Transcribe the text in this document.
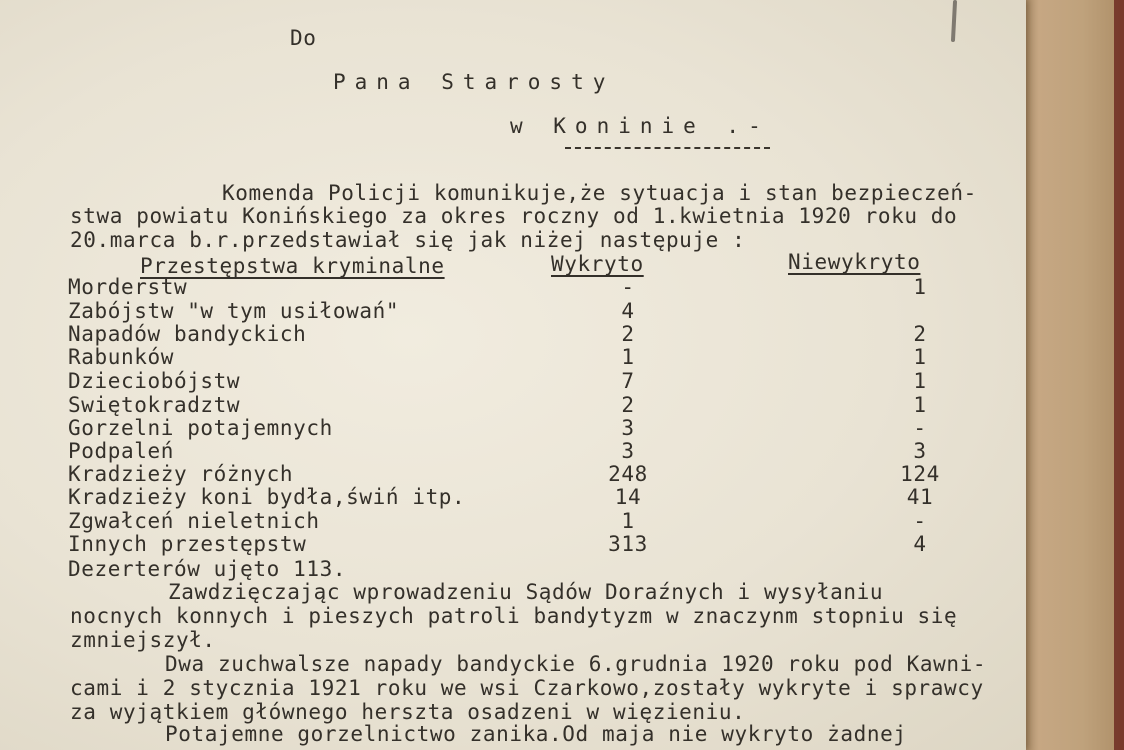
Do
Pana Starosty
w Koninie .-
Komenda Policji komunikuje,że sytuacja i stan bezpieczeń-
stwa powiatu Konińskiego za okres roczny od 1.kwietnia 1920 roku do
20.marca b.r.przedstawiał się jak niżej następuje :
Przestępstwa kryminalne	Wykryto	Niewykryto
Morderstw	-	1
Zabójstw "w tym usiłowań"	4
Napadów bandyckich	2	2
Rabunków	1	1
Dzieciobójstw	7	1
Swiętokradztw	2	1
Gorzelni potajemnych	3	-
Podpaleń	3	3
Kradzieży różnych	248	124
Kradzieży koni bydła,świń itp.	14	41
Zgwałceń nieletnich	1	-
Innych przestępstw	313	4
Dezerterów ujęto 113.
Zawdzięczając wprowadzeniu Sądów Doraźnych i wysyłaniu
nocnych konnych i pieszych patroli bandytyzm w znaczynm stopniu się
zmniejszył.
Dwa zuchwalsze napady bandyckie 6.grudnia 1920 roku pod Kawni-
cami i 2 stycznia 1921 roku we wsi Czarkowo,zostały wykryte i sprawcy
za wyjątkiem głównego herszta osadzeni w więzieniu.
Potajemne gorzelnictwo zanika.Od maja nie wykryto żadnej
